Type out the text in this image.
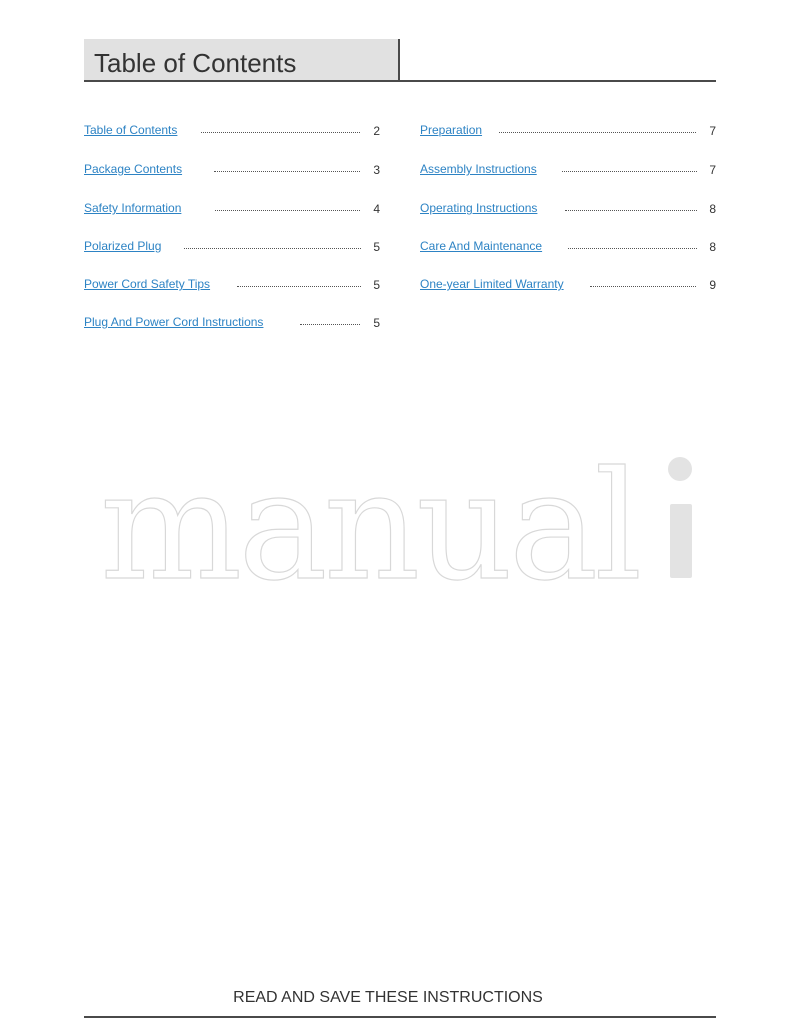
Table of Contents
Table of Contents	2
Package Contents	3
Safety Information	4
Polarized Plug	5
Power Cord Safety Tips	5
Plug And Power Cord Instructions	5
Preparation	7
Assembly Instructions	7
Operating Instructions	8
Care And Maintenance	8
One-year Limited Warranty	9
manual
READ AND SAVE THESE INSTRUCTIONS
